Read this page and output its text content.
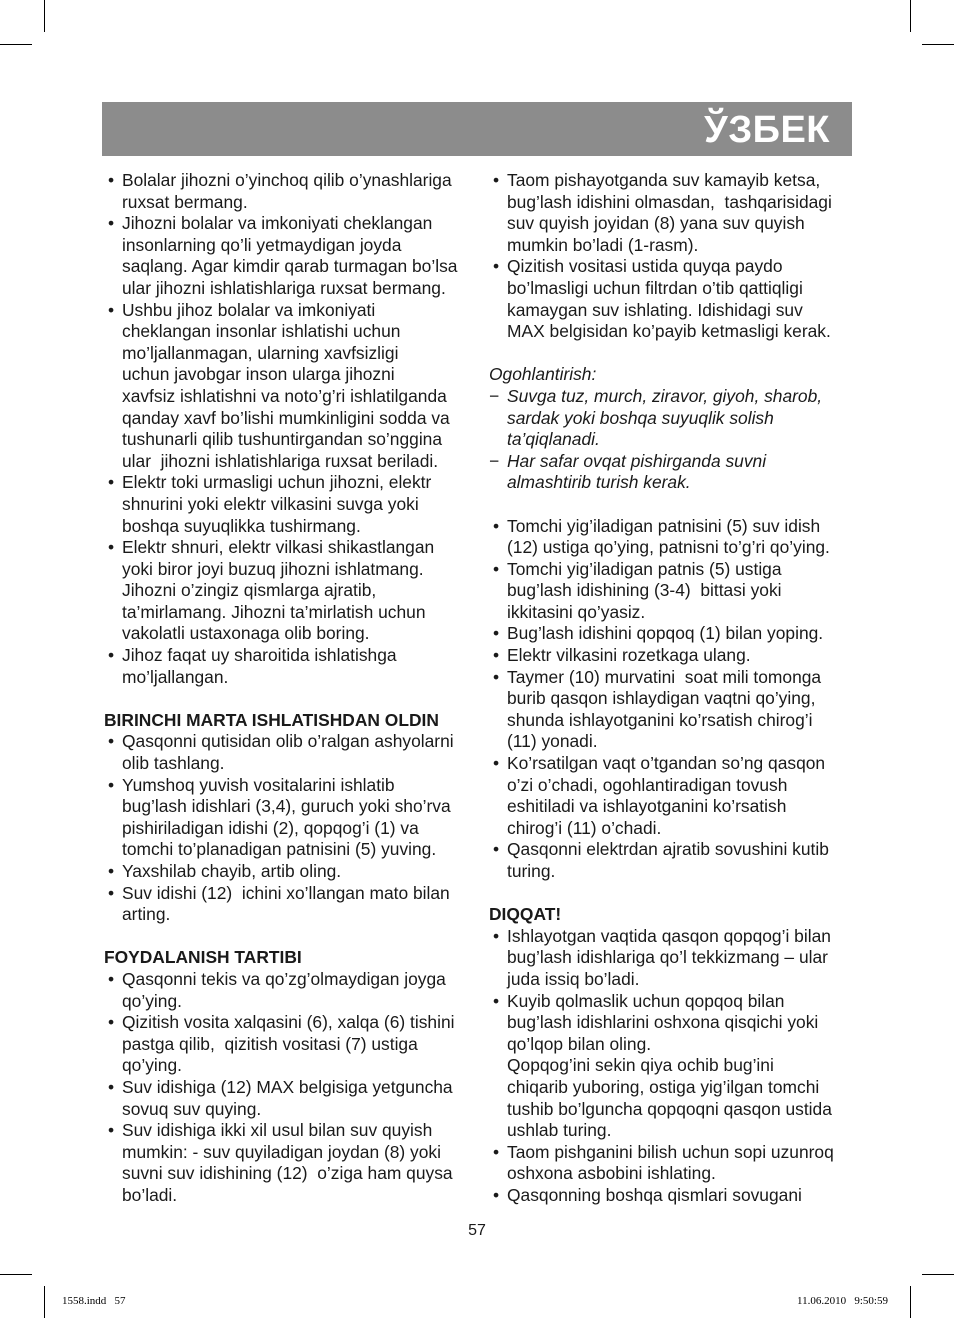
ЎЗБЕК
• Bolalar jihozni o’yinchoq qilib o’ynashlariga
ruxsat bermang.
• Jihozni bolalar va imkoniyati cheklangan
insonlarning qo’li yetmaydigan joyda
saqlang. Agar kimdir qarab turmagan bo’lsa
ular jihozni ishlatishlariga ruxsat bermang.
• Ushbu jihoz bolalar va imkoniyati
cheklangan insonlar ishlatishi uchun
mo’ljallanmagan, ularning xavfsizligi
uchun javobgar inson ularga jihozni
xavfsiz ishlatishni va noto’g’ri ishlatilganda
qanday xavf bo’lishi mumkinligini sodda va
tushunarli qilib tushuntirgandan so’nggina
ular  jihozni ishlatishlariga ruxsat beriladi.
• Elektr toki urmasligi uchun jihozni, elektr
shnurini yoki elektr vilkasini suvga yoki
boshqa suyuqlikka tushirmang.
• Elektr shnuri, elektr vilkasi shikastlangan
yoki biror joyi buzuq jihozni ishlatmang.
Jihozni o’zingiz qismlarga ajratib,
ta’mirlamang. Jihozni ta’mirlatish uchun
vakolatli ustaxonaga olib boring.
• Jihoz faqat uy sharoitida ishlatishga
mo’ljallangan.
BIRINCHI MARTA ISHLATISHDAN OLDIN
• Qasqonni qutisidan olib o’ralgan ashyolarni
olib tashlang.
• Yumshoq yuvish vositalarini ishlatib
bug’lash idishlari (3,4), guruch yoki sho’rva
pishiriladigan idishi (2), qopqog’i (1) va
tomchi to’planadigan patnisini (5) yuving.
• Yaxshilab chayib, artib oling.
• Suv idishi (12)  ichini xo’llangan mato bilan
arting.
FOYDALANISH TARTIBI
• Qasqonni tekis va qo’zg’olmaydigan joyga
qo’ying.
• Qizitish vosita xalqasini (6), xalqa (6) tishini
pastga qilib,  qizitish vositasi (7) ustiga
qo’ying.
• Suv idishiga (12) MAX belgisiga yetguncha
sovuq suv quying.
• Suv idishiga ikki xil usul bilan suv quyish
mumkin: - suv quyiladigan joydan (8) yoki
suvni suv idishining (12)  o’ziga ham quysa
bo’ladi.
• Taom pishayotganda suv kamayib ketsa,
bug’lash idishini olmasdan,  tashqarisidagi
suv quyish joyidan (8) yana suv quyish
mumkin bo’ladi (1-rasm).
• Qizitish vositasi ustida quyqa paydo
bo’lmasligi uchun filtrdan o’tib qattiqligi
kamaygan suv ishlating. Idishidagi suv
MAX belgisidan ko’payib ketmasligi kerak.
Ogohlantirish:
− Suvga tuz, murch, ziravor, giyoh, sharob,
sardak yoki boshqa suyuqlik solish
ta’qiqlanadi.
− Har safar ovqat pishirganda suvni
almashtirib turish kerak.
• Tomchi yig’iladigan patnisini (5) suv idish
(12) ustiga qo’ying, patnisni to’g’ri qo’ying.
• Tomchi yig’iladigan patnis (5) ustiga
bug’lash idishining (3-4)  bittasi yoki
ikkitasini qo’yasiz.
• Bug’lash idishini qopqoq (1) bilan yoping.
• Elektr vilkasini rozetkaga ulang.
• Taymer (10) murvatini  soat mili tomonga
burib qasqon ishlaydigan vaqtni qo’ying,
shunda ishlayotganini ko’rsatish chirog’i
(11) yonadi.
• Ko’rsatilgan vaqt o’tgandan so’ng qasqon
o’zi o’chadi, ogohlantiradigan tovush
eshitiladi va ishlayotganini ko’rsatish
chirog’i (11) o’chadi.
• Qasqonni elektrdan ajratib sovushini kutib
turing.
DIQQAT!
• Ishlayotgan vaqtida qasqon qopqog’i bilan
bug’lash idishlariga qo’l tekkizmang – ular
juda issiq bo’ladi.
• Kuyib qolmaslik uchun qopqoq bilan
bug’lash idishlarini oshxona qisqichi yoki
qo’lqop bilan oling.
Qopqog’ini sekin qiya ochib bug’ini
chiqarib yuboring, ostiga yig’ilgan tomchi
tushib bo’lguncha qopqoqni qasqon ustida
ushlab turing.
• Taom pishganini bilish uchun sopi uzunroq
oshxona asbobini ishlating.
• Qasqonning boshqa qismlari sovugani
57
1558.indd   57	11.06.2010   9:50:59
